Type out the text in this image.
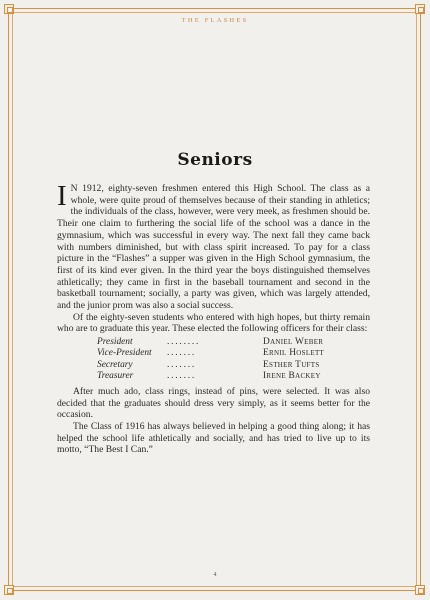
THE FLASHES
Seniors

I N 1912, eighty-seven freshmen entered this High School. The class as a whole, were quite proud of themselves because of their standing in athletics; the individuals of the class, however, were very meek, as freshmen should be. Their one claim to furthering the social life of the school was a dance in the gymnasium, which was successful in every way. The next fall they came back with numbers diminished, but with class spirit increased. To pay for a class picture in the “Flashes” a supper was given in the High School gymnasium, the first of its kind ever given. In the third year the boys distinguished themselves athletically; they came in first in the baseball tournament and second in the basketball tournament; socially, a party was given, which was largely attended, and the junior prom was also a social success.

Of the eighty-seven students who entered with high hopes, but thirty remain who are to graduate this year. These elected the following officers for their class:

President	........	Daniel Weber
Vice-President	.......	Ernil Hoslett
Secretary	.......	Esther Tufts
Treasurer	.......	Irene Backey

After much ado, class rings, instead of pins, were selected. It was also decided that the graduates should dress very simply, as it seems better for the occasion.

The Class of 1916 has always believed in helping a good thing along; it has helped the school life athletically and socially, and has tried to live up to its motto, “The Best I Can.”

4
